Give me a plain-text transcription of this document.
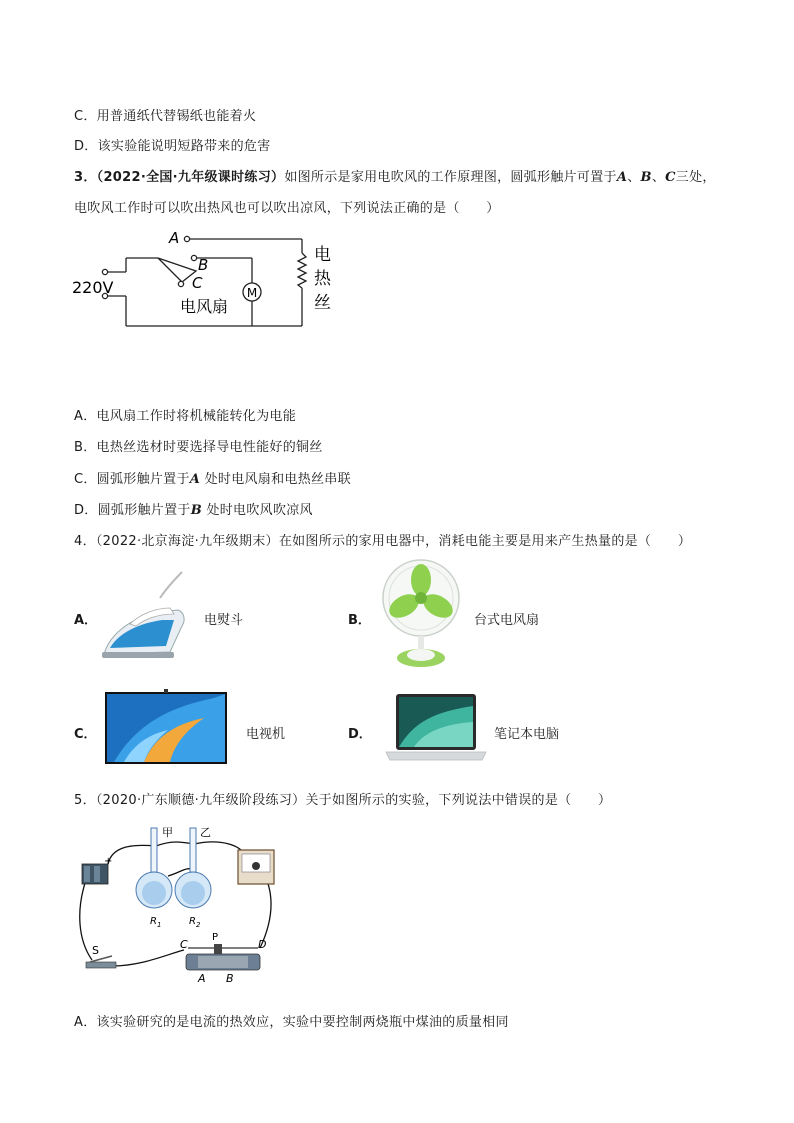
C．用普通纸代替锡纸也能着火
D．该实验能说明短路带来的危害
3．（2022·全国·九年级课时练习）如图所示是家用电吹风的工作原理图，圆弧形触片可置于A、B、C三处，
电吹风工作时可以吹出热风也可以吹出凉风，下列说法正确的是（　　）
A
B
C
220V
电风扇
M
电
热
丝
A．电风扇工作时将机械能转化为电能
B．电热丝选材时要选择导电性能好的铜丝
C．圆弧形触片置于A 处时电风扇和电热丝串联
D．圆弧形触片置于B 处时电吹风吹凉风
4．（2022·北京海淀·九年级期末）在如图所示的家用电器中，消耗电能主要是用来产生热量的是（　　）
A．	电熨斗	B．	台式电风扇
C．	电视机	D．	笔记本电脑
5．（2020·广东顺德·九年级阶段练习）关于如图所示的实验，下列说法中错误的是（　　）
+
甲 乙
$R_1$	$R_2$
S
P
C	D
A B
A．该实验研究的是电流的热效应，实验中要控制两烧瓶中煤油的质量相同
